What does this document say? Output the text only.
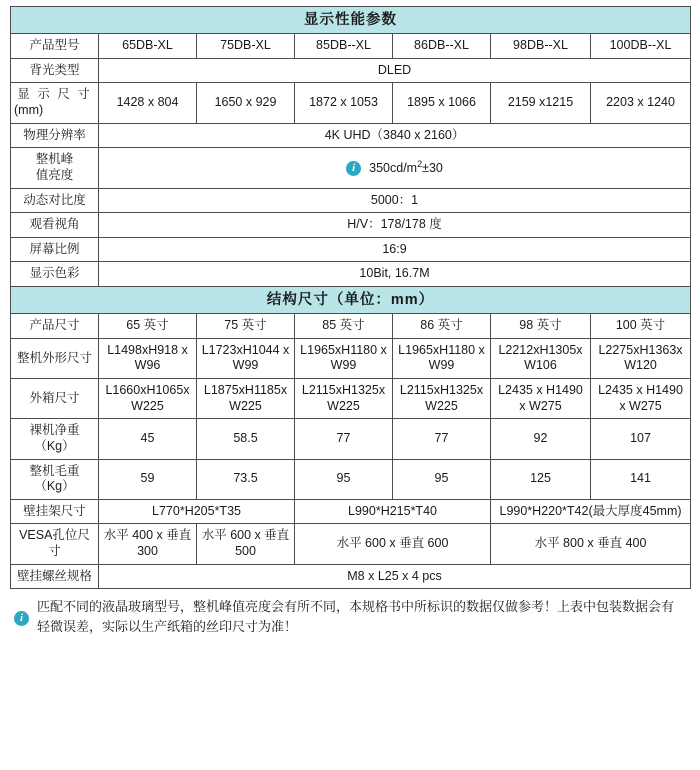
显示性能参数						
产品型号	65DB-XL	75DB-XL	85DB--XL	86DB--XL	98DB--XL	100DB--XL
背光类型	DLED					
显 示 尺 寸
(mm)	1428 x 804	1650 x 929	1872 x 1053	1895 x 1066	2159 x1215	2203 x 1240
物理分辨率	4K UHD（3840 x 2160）					
整机峰
值亮度	i $350cd/m^2\pm 30$					
动态对比度	5000：1					
观看视角	H/V：178/178 度					
屏幕比例	16:9					
显示色彩	10Bit, 16.7M					
结构尺寸（单位：mm）						
产品尺寸	65 英寸	75 英寸	85 英寸	86 英寸	98 英寸	100 英寸
整机外形尺寸	L1498xH918 x W96	L1723xH1044 x W99	L1965xH1180 x W99	L1965xH1180 x W99	L2212xH1305xW106	L2275xH1363xW120
外箱尺寸	L1660xH1065xW225	L1875xH1185xW225	L2115xH1325xW225	L2115xH1325xW225	L2435 x H1490 x W275	L2435 x H1490 x W275
裸机净重
（Kg）	45	58.5	77	77	92	107
整机毛重
（Kg）	59	73.5	95	95	125	141
壁挂架尺寸	L770*H205*T35		L990*H215*T40		L990*H220*T42(最大厚度45mm)	
VESA孔位尺
寸	水平 400 x 垂直 300	水平 600 x 垂直 500	水平 600 x 垂直 600		水平 800 x 垂直 400	
壁挂螺丝规格	M8 x L25 x 4 pcs					
i
匹配不同的液晶玻璃型号，整机峰值亮度会有所不同，本规格书中所标识的数据仅做参考！上表中包装数据会有轻微误差，实际以生产纸箱的丝印尺寸为准！
